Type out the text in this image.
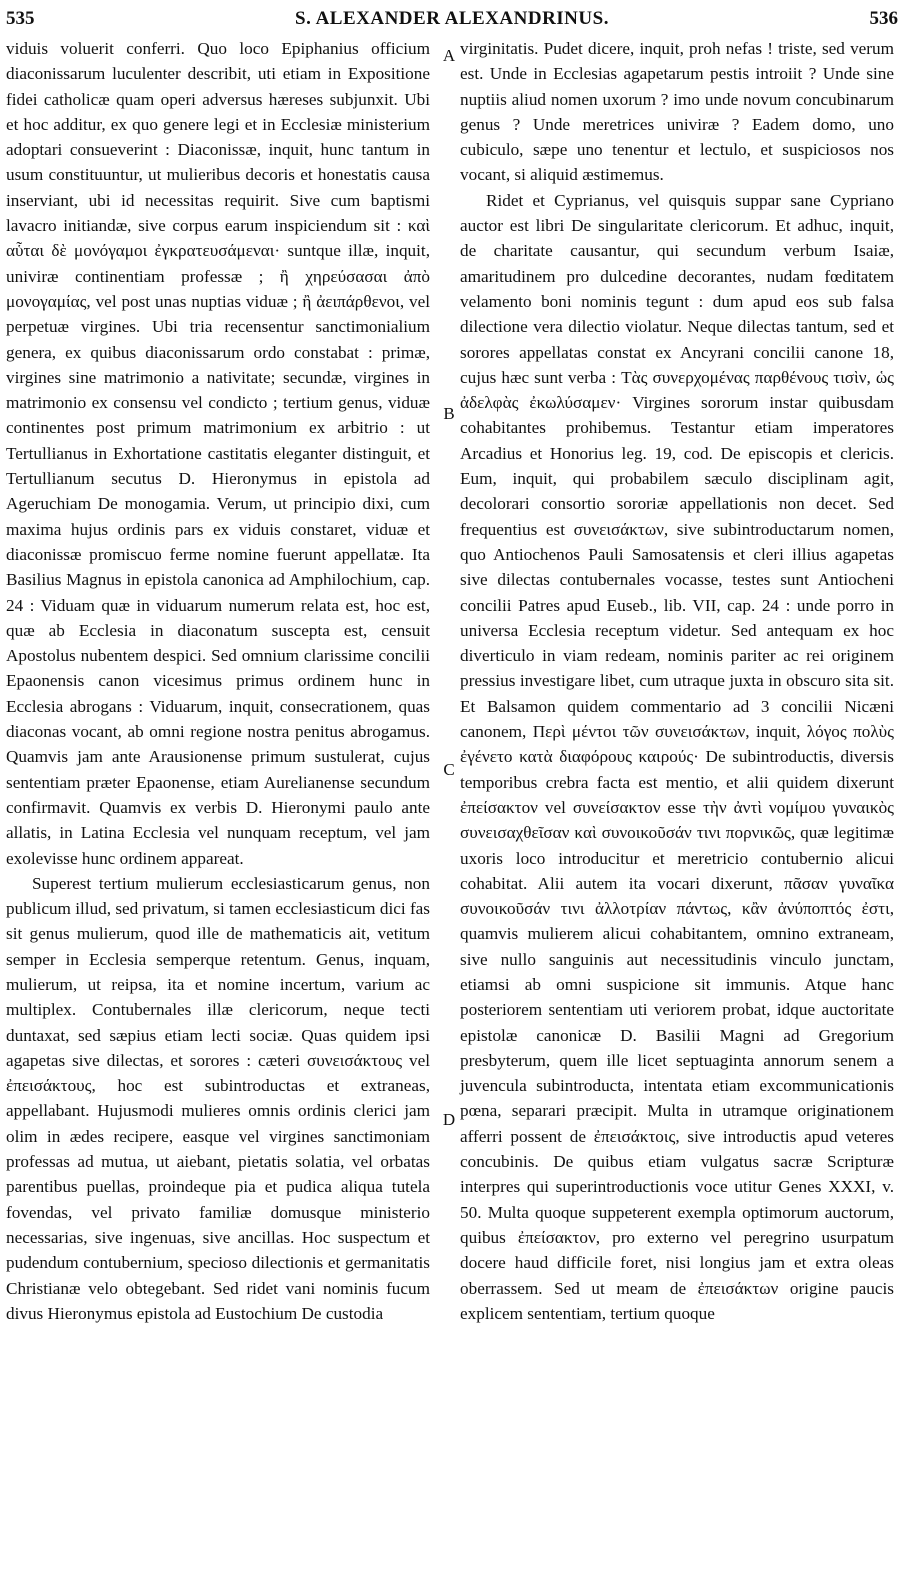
535	S. ALEXANDER ALEXANDRINUS.	536

viduis voluerit conferri. Quo loco Epiphanius officium diaconissarum luculenter describit, uti etiam in Expositione fidei catholicæ quam operi adversus hæreses subjunxit. Ubi et hoc additur, ex quo genere legi et in Ecclesiæ ministerium adoptari consueverint : Diaconissæ, inquit, hunc tantum in usum constituuntur, ut mulieribus decoris et honestatis causa inserviant, ubi id necessitas requirit. Sive cum baptismi lavacro initiandæ, sive corpus earum inspiciendum sit : καὶ αὗται δὲ μονόγαμοι ἐγκρατευσάμεναι· suntque illæ, inquit, univiræ continentiam professæ ; ἢ χηρεύσασαι ἀπὸ μονογαμίας, vel post unas nuptias viduæ ; ἢ ἀειπάρθενοι, vel perpetuæ virgines. Ubi tria recensentur sanctimonialium genera, ex quibus diaconissarum ordo constabat : primæ, virgines sine matrimonio a nativitate; secundæ, virgines in matrimonio ex consensu vel condicto ; tertium genus, viduæ continentes post primum matrimonium ex arbitrio : ut Tertullianus in Exhortatione castitatis eleganter distinguit, et Tertullianum secutus D. Hieronymus in epistola ad Ageruchiam De monogamia. Verum, ut principio dixi, cum maxima hujus ordinis pars ex viduis constaret, viduæ et diaconissæ promiscuo ferme nomine fuerunt appellatæ. Ita Basilius Magnus in epistola canonica ad Amphilochium, cap. 24 : Viduam quæ in viduarum numerum relata est, hoc est, quæ ab Ecclesia in diaconatum suscepta est, censuit Apostolus nubentem despici. Sed omnium clarissime concilii Epaonensis canon vicesimus primus ordinem hunc in Ecclesia abrogans : Viduarum, inquit, consecrationem, quas diaconas vocant, ab omni regione nostra penitus abrogamus. Quamvis jam ante Arausionense primum sustulerat, cujus sententiam præter Epaonense, etiam Aurelianense secundum confirmavit. Quamvis ex verbis D. Hieronymi paulo ante allatis, in Latina Ecclesia vel nunquam receptum, vel jam exolevisse hunc ordinem appareat.

Superest tertium mulierum ecclesiasticarum genus, non publicum illud, sed privatum, si tamen ecclesiasticum dici fas sit genus mulierum, quod ille de mathematicis ait, vetitum semper in Ecclesia semperque retentum. Genus, inquam, mulierum, ut reipsa, ita et nomine incertum, varium ac multiplex. Contubernales illæ clericorum, neque tecti duntaxat, sed sæpius etiam lecti sociæ. Quas quidem ipsi agapetas sive dilectas, et sorores : cæteri συνεισάκτους vel ἐπεισάκτους, hoc est subintroductas et extraneas, appellabant. Hujusmodi mulieres omnis ordinis clerici jam olim in ædes recipere, easque vel virgines sanctimoniam professas ad mutua, ut aiebant, pietatis solatia, vel orbatas parentibus puellas, proindeque pia et pudica aliqua tutela fovendas, vel privato familiæ domusque ministerio necessarias, sive ingenuas, sive ancillas. Hoc suspectum et pudendum contubernium, specioso dilectionis et germanitatis Christianæ velo obtegebant. Sed ridet vani nominis fucum divus Hieronymus epistola ad Eustochium De custodia

A
B
C
D

virginitatis. Pudet dicere, inquit, proh nefas ! triste, sed verum est. Unde in Ecclesias agapetarum pestis introiit ? Unde sine nuptiis aliud nomen uxorum ? imo unde novum concubinarum genus ? Unde meretrices univiræ ? Eadem domo, uno cubiculo, sæpe uno tenentur et lectulo, et suspiciosos nos vocant, si aliquid æstimemus.

Ridet et Cyprianus, vel quisquis suppar sane Cypriano auctor est libri De singularitate clericorum. Et adhuc, inquit, de charitate causantur, qui secundum verbum Isaiæ, amaritudinem pro dulcedine decorantes, nudam fœditatem velamento boni nominis tegunt : dum apud eos sub falsa dilectione vera dilectio violatur. Neque dilectas tantum, sed et sorores appellatas constat ex Ancyrani concilii canone 18, cujus hæc sunt verba : Τὰς συνερχομένας παρθένους τισὶν, ὡς ἀδελφὰς ἐκωλύσαμεν· Virgines sororum instar quibusdam cohabitantes prohibemus. Testantur etiam imperatores Arcadius et Honorius leg. 19, cod. De episcopis et clericis. Eum, inquit, qui probabilem sæculo disciplinam agit, decolorari consortio sororiæ appellationis non decet. Sed frequentius est συνεισάκτων, sive subintroductarum nomen, quo Antiochenos Pauli Samosatensis et cleri illius agapetas sive dilectas contubernales vocasse, testes sunt Antiocheni concilii Patres apud Euseb., lib. VII, cap. 24 : unde porro in universa Ecclesia receptum videtur. Sed antequam ex hoc diverticulo in viam redeam, nominis pariter ac rei originem pressius investigare libet, cum utraque juxta in obscuro sita sit. Et Balsamon quidem commentario ad 3 concilii Nicæni canonem, Περὶ μέντοι τῶν συνεισάκτων, inquit, λόγος πολὺς ἐγένετο κατὰ διαφόρους καιρούς· De subintroductis, diversis temporibus crebra facta est mentio, et alii quidem dixerunt ἐπείσακτον vel συνείσακτον esse τὴν ἀντὶ νομίμου γυναικὸς συνεισαχθεῖσαν καὶ συνοικοῦσάν τινι πορνικῶς, quæ legitimæ uxoris loco introducitur et meretricio contubernio alicui cohabitat. Alii autem ita vocari dixerunt, πᾶσαν γυναῖκα συνοικοῦσάν τινι ἀλλοτρίαν πάντως, κἂν ἀνύποπτός ἐστι, quamvis mulierem alicui cohabitantem, omnino extraneam, sive nullo sanguinis aut necessitudinis vinculo junctam, etiamsi ab omni suspicione sit immunis. Atque hanc posteriorem sententiam uti veriorem probat, idque auctoritate epistolæ canonicæ D. Basilii Magni ad Gregorium presbyterum, quem ille licet septuaginta annorum senem a juvencula subintroducta, intentata etiam excommunicationis pœna, separari præcipit. Multa in utramque originationem afferri possent de ἐπεισάκτοις, sive introductis apud veteres concubinis. De quibus etiam vulgatus sacræ Scripturæ interpres qui superintroductionis voce utitur Genes XXXI, v. 50. Multa quoque suppeterent exempla optimorum auctorum, quibus ἐπείσακτον, pro externo vel peregrino usurpatum docere haud difficile foret, nisi longius jam et extra oleas oberrassem. Sed ut meam de ἐπεισάκτων origine paucis explicem sententiam, tertium quoque
